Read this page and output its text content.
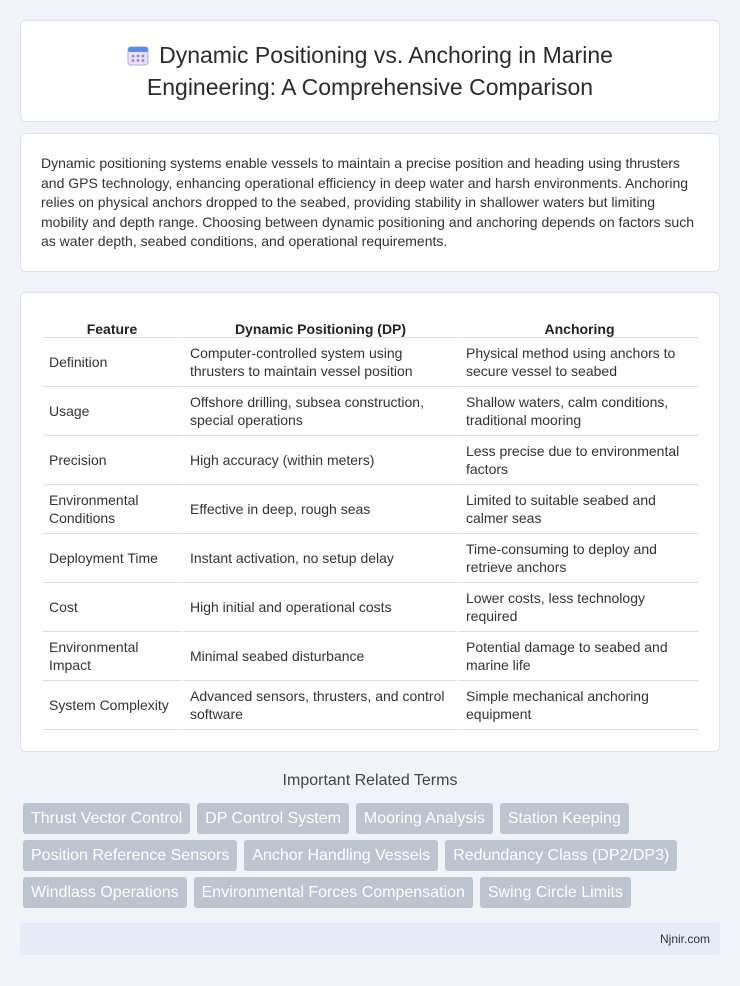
Dynamic Positioning vs. Anchoring in Marine Engineering: A Comprehensive Comparison

Dynamic positioning systems enable vessels to maintain a precise position and heading using thrusters and GPS technology, enhancing operational efficiency in deep water and harsh environments. Anchoring relies on physical anchors dropped to the seabed, providing stability in shallower waters but limiting mobility and depth range. Choosing between dynamic positioning and anchoring depends on factors such as water depth, seabed conditions, and operational requirements.

Feature	Dynamic Positioning (DP)	Anchoring
Definition	Computer-controlled system using thrusters to maintain vessel position	Physical method using anchors to secure vessel to seabed
Usage	Offshore drilling, subsea construction, special operations	Shallow waters, calm conditions, traditional mooring
Precision	High accuracy (within meters)	Less precise due to environmental factors
Environmental Conditions	Effective in deep, rough seas	Limited to suitable seabed and calmer seas
Deployment Time	Instant activation, no setup delay	Time-consuming to deploy and retrieve anchors
Cost	High initial and operational costs	Lower costs, less technology required
Environmental Impact	Minimal seabed disturbance	Potential damage to seabed and marine life
System Complexity	Advanced sensors, thrusters, and control software	Simple mechanical anchoring equipment
Important Related Terms
Thrust Vector Control	DP Control System	Mooring Analysis	Station Keeping
Position Reference Sensors	Anchor Handling Vessels	Redundancy Class (DP2/DP3)
Windlass Operations	Environmental Forces Compensation	Swing Circle Limits
Njnir.com
